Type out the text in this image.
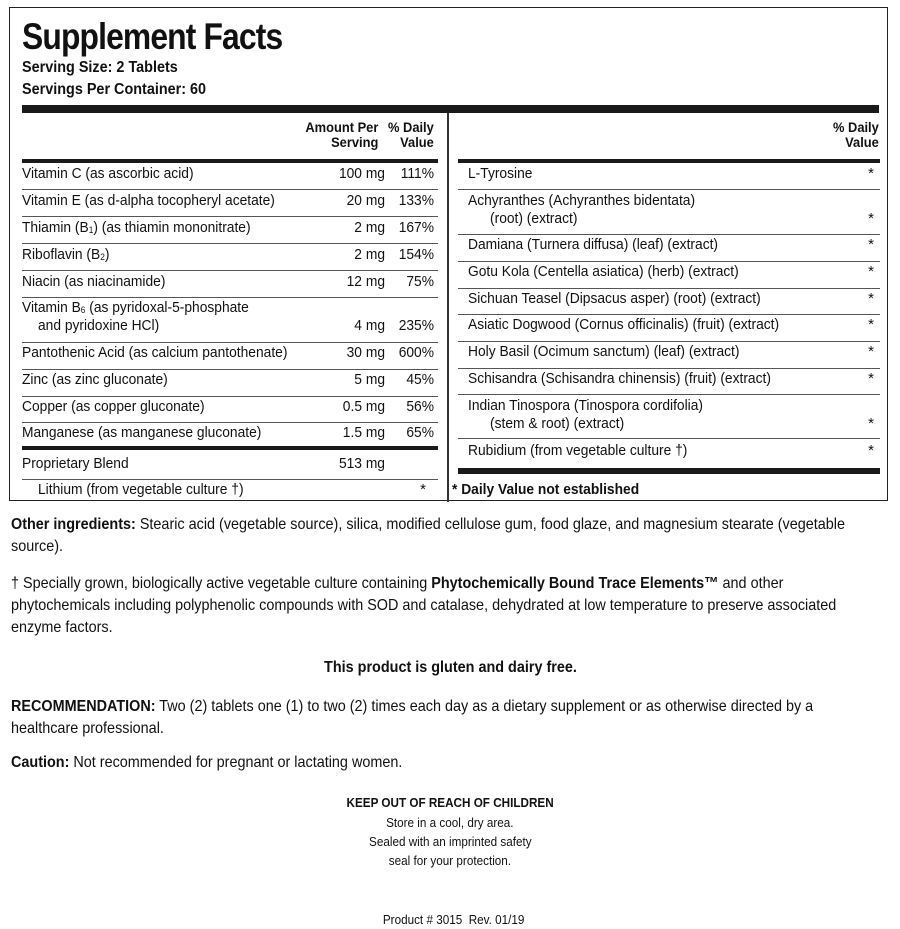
Supplement Facts
Serving Size: 2 Tablets
Servings Per Container: 60
Amount Per
Serving
% Daily
Value
% Daily
Value
Vitamin C (as ascorbic acid)	100 mg	111%
Vitamin E (as d-alpha tocopheryl acetate)	20 mg 133%
Thiamin $(B_1)$ (as thiamin mononitrate)	2 mg 167%
Riboflavin $(B_2)$	2 mg 154%
Niacin (as niacinamide)	12 mg	75%
Vitamin $B_6$ (as pyridoxal-5-phosphate
and pyridoxine HCl)	4 mg 235%
Pantothenic Acid (as calcium pantothenate)	30 mg 600%
Zinc (as zinc gluconate)	5 mg	45%
Copper (as copper gluconate)	0.5 mg	56%
Manganese (as manganese gluconate)	1.5 mg	65%
Proprietary Blend	513 mg
Lithium (from vegetable culture †)	*
L-Tyrosine	*
Achyranthes (Achyranthes bidentata)
(root) (extract)	*
Damiana (Turnera diffusa) (leaf) (extract)	*
Gotu Kola (Centella asiatica) (herb) (extract)	*
Sichuan Teasel (Dipsacus asper) (root) (extract)	*
Asiatic Dogwood (Cornus officinalis) (fruit) (extract)	*
Holy Basil (Ocimum sanctum) (leaf) (extract)	*
Schisandra (Schisandra chinensis) (fruit) (extract)	*
Indian Tinospora (Tinospora cordifolia)
(stem & root) (extract)	*
Rubidium (from vegetable culture †)	*
* Daily Value not established
Other ingredients: Stearic acid (vegetable source), silica, modified cellulose gum, food glaze, and magnesium stearate (vegetable source).
† Specially grown, biologically active vegetable culture containing Phytochemically Bound Trace Elements™ and other phytochemicals including polyphenolic compounds with SOD and catalase, dehydrated at low temperature to preserve associated enzyme factors.
This product is gluten and dairy free.
RECOMMENDATION: Two (2) tablets one (1) to two (2) times each day as a dietary supplement or as otherwise directed by a healthcare professional.
Caution: Not recommended for pregnant or lactating women.
KEEP OUT OF REACH OF CHILDREN
Store in a cool, dry area.
Sealed with an imprinted safety
seal for your protection.

Product # 3015  Rev. 01/19
